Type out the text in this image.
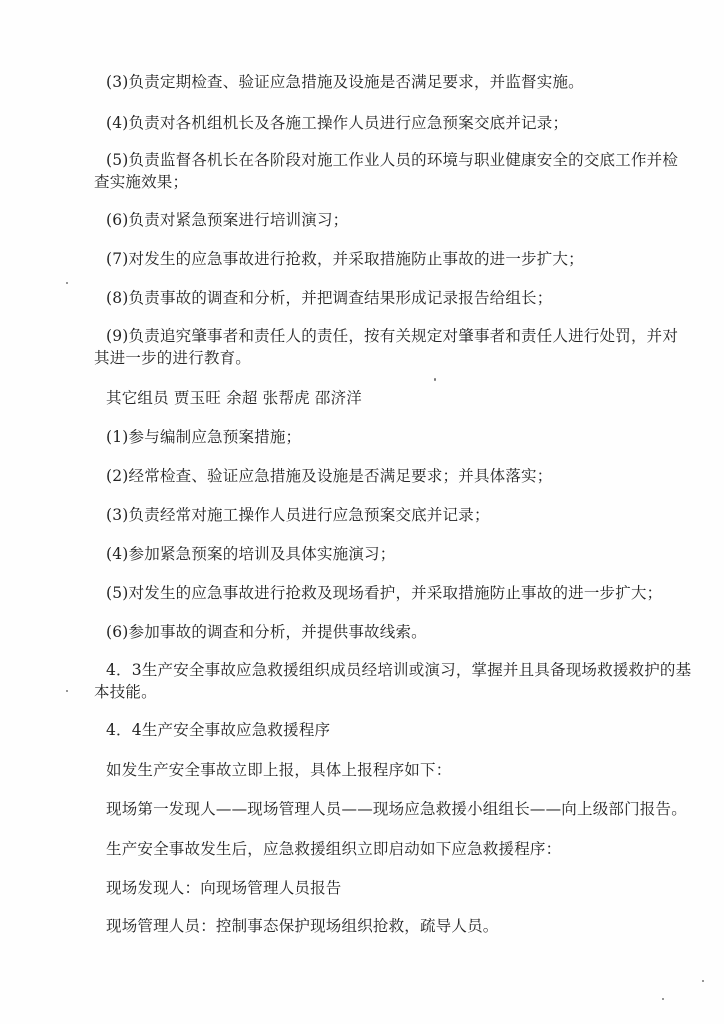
(3)负责定期检查、验证应急措施及设施是否满足要求，并监督实施。
(4)负责对各机组机长及各施工操作人员进行应急预案交底并记录；
(5)负责监督各机长在各阶段对施工作业人员的环境与职业健康安全的交底工作并检
查实施效果；
(6)负责对紧急预案进行培训演习；
(7)对发生的应急事故进行抢救，并采取措施防止事故的进一步扩大；
(8)负责事故的调查和分析，并把调查结果形成记录报告给组长；
(9)负责追究肇事者和责任人的责任，按有关规定对肇事者和责任人进行处罚，并对
其进一步的进行教育。
其它组员 贾玉旺 余超 张帮虎 邵济洋
(1)参与编制应急预案措施；
(2)经常检查、验证应急措施及设施是否满足要求；并具体落实；
(3)负责经常对施工操作人员进行应急预案交底并记录；
(4)参加紧急预案的培训及具体实施演习；
(5)对发生的应急事故进行抢救及现场看护，并采取措施防止事故的进一步扩大；
(6)参加事故的调查和分析，并提供事故线索。
4．3生产安全事故应急救援组织成员经培训或演习，掌握并且具备现场救援救护的基
本技能。
4．4生产安全事故应急救援程序
如发生产安全事故立即上报，具体上报程序如下：
现场第一发现人——现场管理人员——现场应急救援小组组长——向上级部门报告。
生产安全事故发生后，应急救援组织立即启动如下应急救援程序：
现场发现人：向现场管理人员报告
现场管理人员：控制事态保护现场组织抢救，疏导人员。
